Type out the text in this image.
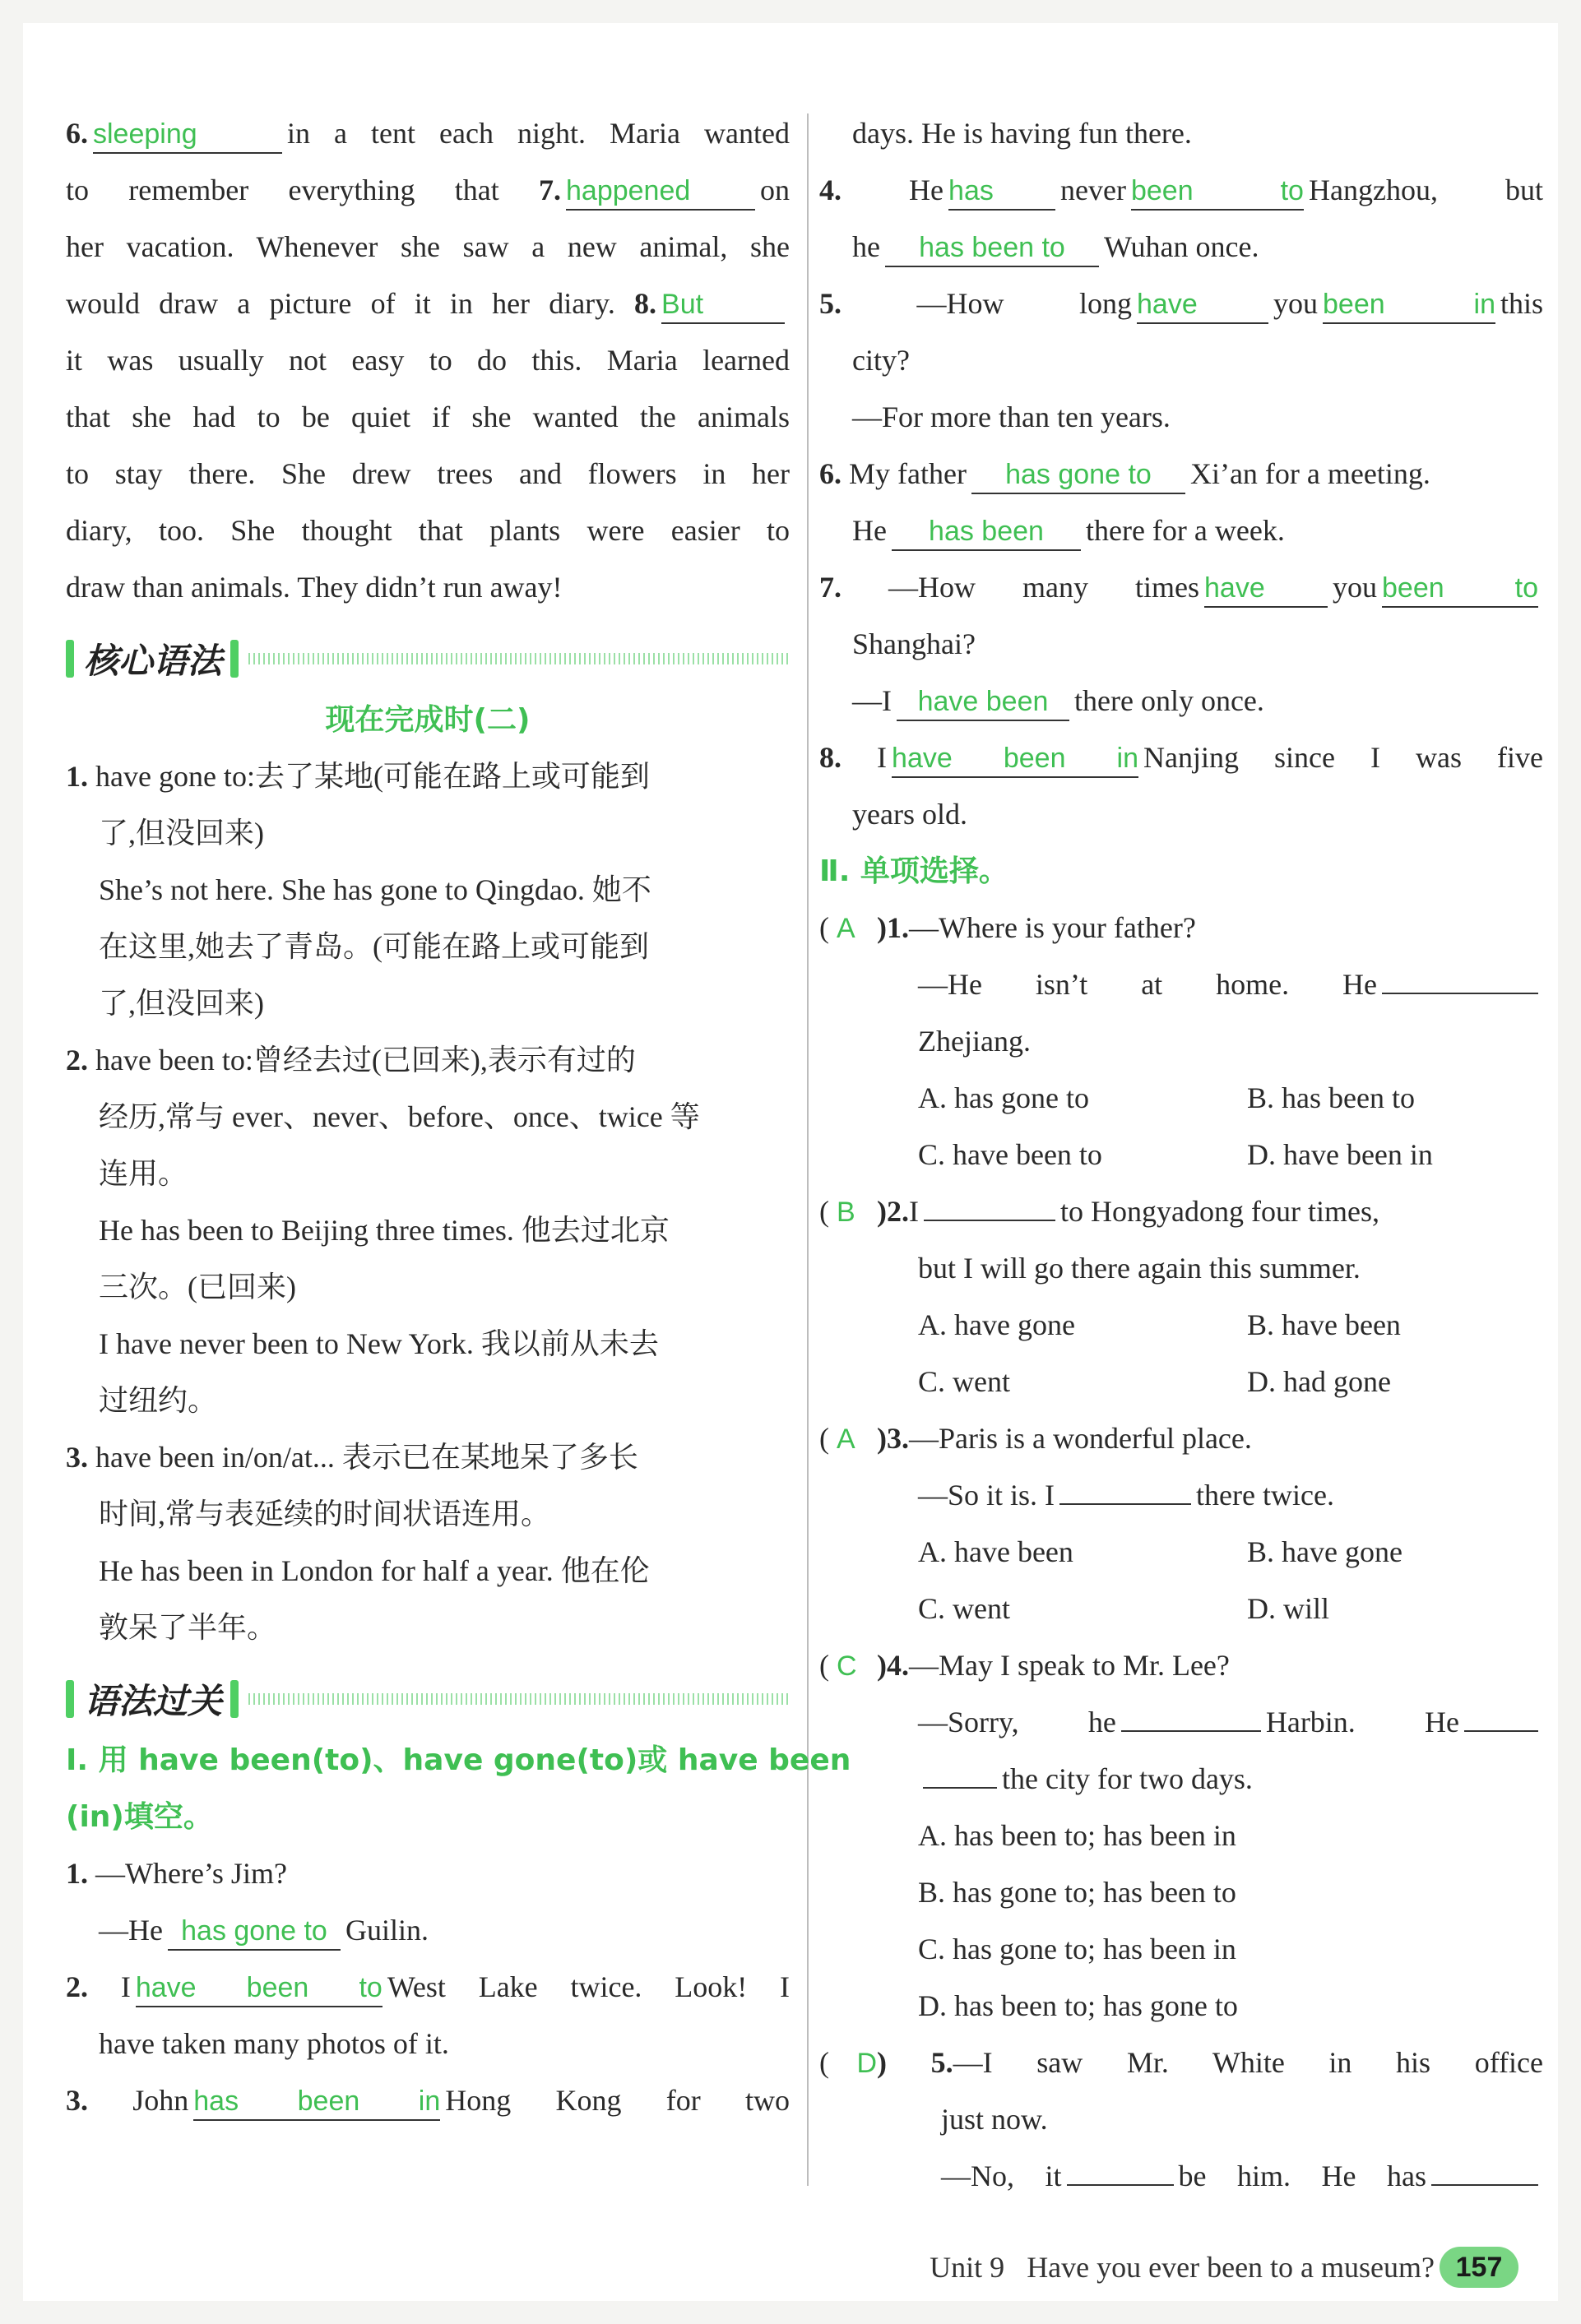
6. sleeping	in a tent each night. Maria wanted
to remember everything that 7. happened on
her vacation. Whenever she saw a new animal, she
would draw a picture of it in her diary. 8. But
it was usually not easy to do this. Maria learned
that she had to be quiet if she wanted the animals
to stay there. She drew trees and flowers in her
diary, too. She thought that plants were easier to
draw than animals. They didn’t run away!
核心语法
现在完成时(二)
1. have gone to:去了某地(可能在路上或可能到
了,但没回来)
She’s not here. She has gone to Qingdao. 她不
在这里,她去了青岛。(可能在路上或可能到
了,但没回来)
2. have been to:曾经去过(已回来),表示有过的
经历,常与 ever、never、before、once、twice 等
连用。
He has been to Beijing three times. 他去过北京
三次。(已回来)
I have never been to New York. 我以前从未去
过纽约。
3. have been in/on/at... 表示已在某地呆了多长
时间,常与表延续的时间状语连用。
He has been in London for half a year. 他在伦
敦呆了半年。
语法过关
Ⅰ. 用 have been(to)、have gone(to)或 have been
(in)填空。
1. —Where’s Jim?
—He has gone to Guilin.
2. I have been to West Lake twice. Look! I
have taken many photos of it.
3. John has been in Hong Kong for two
days. He is having fun there.
4. He has never been to Hangzhou, but
he has been to Wuhan once.
5.	—How long have	you been in this
city?
—For more than ten years.
6. My father has gone to Xi’an for a meeting.
He has been there for a week.
7. —How many times have you been to
Shanghai?
—I have been there only once.
8. I have been in Nanjing since I was five
years old.
Ⅱ. 单项选择。
( A )1.—Where is your father?
—He isn’t at home. He
Zhejiang.
A. has gone to	B. has been to
C. have been to	D. have been in
( B )2.I	to Hongyadong four times,
but I will go there again this summer.
A. have gone	B. have been
C. went	D. had gone
( A )3.—Paris is a wonderful place.
—So it is. I	there twice.
A. have been	B. have gone
C. went	D. will
( C )4.—May I speak to Mr. Lee?
—Sorry, he	Harbin. He
the city for two days.
A. has been to; has been in
B. has gone to; has been to
C. has gone to; has been in
D. has been to; has gone to
( D) 5.—I saw Mr. White in his office
just now.
—No, it	be him. He has
Unit 9 Have you ever been to a museum? 157
